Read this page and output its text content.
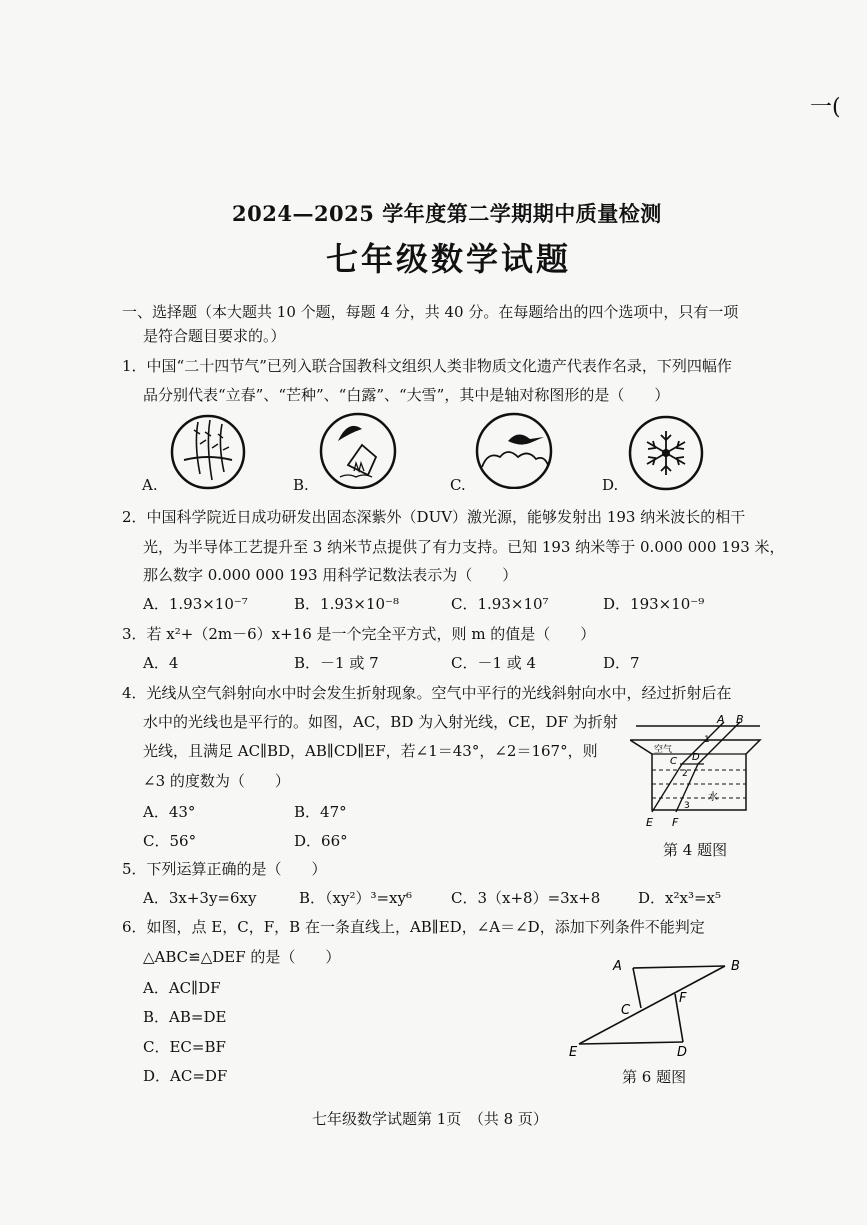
一(
2024—2025 学年度第二学期期中质量检测
七年级数学试题
一、选择题（本大题共 10 个题，每题 4 分，共 40 分。在每题给出的四个选项中，只有一项
是符合题目要求的。）
1．中国“二十四节气”已列入联合国教科文组织人类非物质文化遗产代表作名录，下列四幅作
品分别代表“立春”、“芒种”、“白露”、“大雪”，其中是轴对称图形的是（　　）
A.	B.	C.	D.
2．中国科学院近日成功研发出固态深紫外（DUV）激光源，能够发射出 193 纳米波长的相干
光，为半导体工艺提升至 3 纳米节点提供了有力支持。已知 193 纳米等于 0.000 000 193 米，
那么数字 0.000 000 193 用科学记数法表示为（　　）
A．1.93×10⁻⁷	B．1.93×10⁻⁸	C．1.93×10⁷	D．193×10⁻⁹
3．若 x²+（2m－6）x+16 是一个完全平方式，则 m 的值是（　　）
A．4	B．－1 或 7	C．－1 或 4	D．7
4．光线从空气斜射向水中时会发生折射现象。空气中平行的光线斜射向水中，经过折射后在
水中的光线也是平行的。如图，AC，BD 为入射光线，CE，DF 为折射
光线，且满足 AC∥BD，AB∥CD∥EF，若∠1＝43°，∠2＝167°，则
∠3 的度数为（　　）
A．43°	B．47°
C．56°	D．66°
A B
空气
C D
1
2
3
水
E F
第 4 题图
5．下列运算正确的是（　　）
A．3x+3y=6xy	B．（xy²）³=xy⁶	C．3（x+8）=3x+8	D．x²x³=x⁵
6．如图，点 E，C，F，B 在一条直线上，AB∥ED，∠A＝∠D，添加下列条件不能判定
△ABC≌△DEF 的是（　　）
A．AC∥DF
B．AB=DE
C．EC=BF
D．AC=DF
A	B
C
F
E	D
第 6 题图
七年级数学试题第 1页　（共 8 页）
